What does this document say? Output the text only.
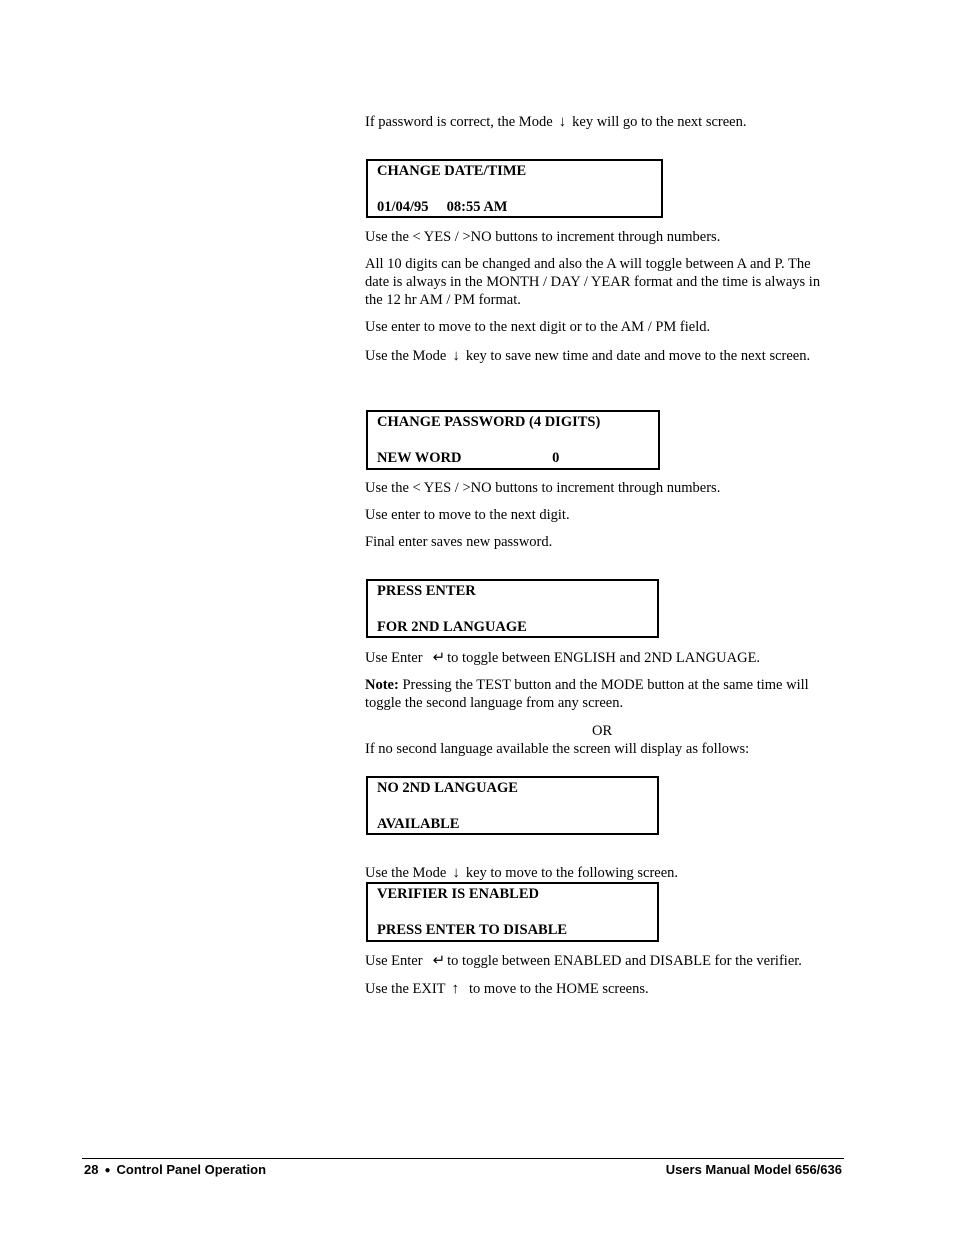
If password is correct, the Mode ↓ key will go to the next screen.

CHANGE DATE/TIME
01/04/95     08:55 AM

Use the < YES / >NO buttons to increment through numbers.

All 10 digits can be changed and also the A will toggle between A and P. The date is always in the MONTH / DAY / YEAR format and the time is always in the 12 hr AM / PM format.

Use enter to move to the next digit or to the AM / PM field.

Use the Mode ↓ key to save new time and date and move to the next screen.

CHANGE PASSWORD (4 DIGITS)
NEW WORD                         0

Use the < YES / >NO buttons to increment through numbers.

Use enter to move to the next digit.

Final enter saves new password.

PRESS ENTER
FOR 2ND LANGUAGE

Use Enter ↵ to toggle between ENGLISH and 2ND LANGUAGE.

Note: Pressing the TEST button and the MODE button at the same time will toggle the second language from any screen.

OR

If no second language available the screen will display as follows:

NO 2ND LANGUAGE
AVAILABLE

Use the Mode ↓ key to move to the following screen.

VERIFIER IS ENABLED
PRESS ENTER TO DISABLE

Use Enter ↵ to toggle between ENABLED and DISABLE for the verifier.

Use the EXIT ↑ to move to the HOME screens.

28 ● Control Panel Operation	Users Manual Model 656/636
